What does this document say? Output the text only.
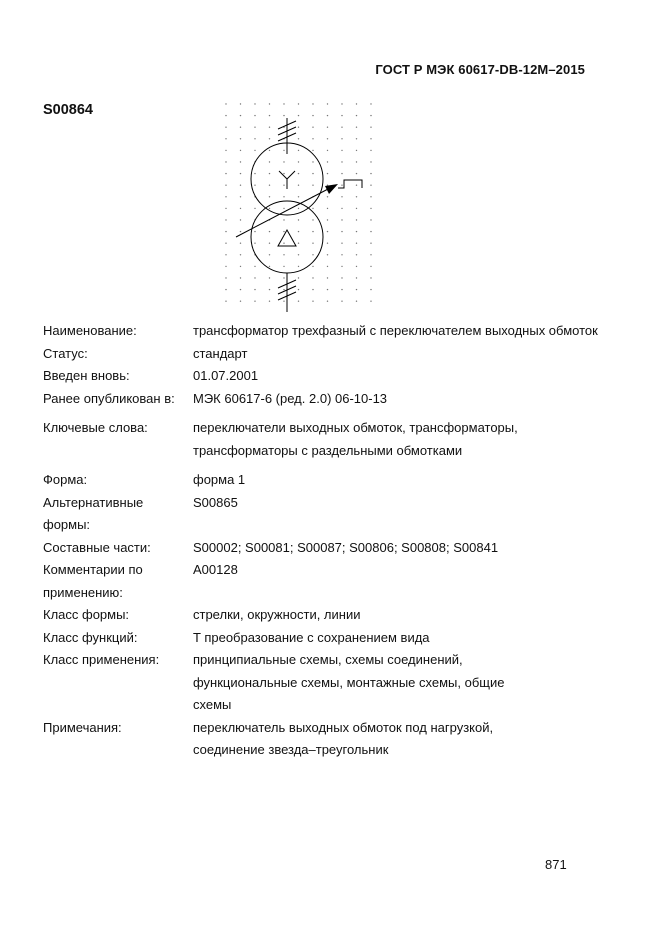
ГОСТ Р МЭК 60617-DB-12M–2015
S00864
Наименование:	трансформатор трехфазный с переключателем выходных обмоток
Статус:	стандарт
Введен вновь:	01.07.2001
Ранее опубликован в:	МЭК 60617-6 (ред. 2.0) 06-10-13
Ключевые слова:	переключатели выходных обмоток, трансформаторы, трансформаторы с раздельными обмотками
Форма:	форма 1
Альтернативные формы:
S00865
Составные части:	S00002; S00081; S00087; S00806; S00808; S00841
Комментарии по применению:
A00128
Класс формы:	стрелки, окружности, линии
Класс функций:	T преобразование с сохранением вида
Класс применения:	принципиальные схемы, схемы соединений, функциональные схемы, монтажные схемы, общие схемы
Примечания:	переключатель выходных обмоток под нагрузкой, соединение звезда–треугольник
871
